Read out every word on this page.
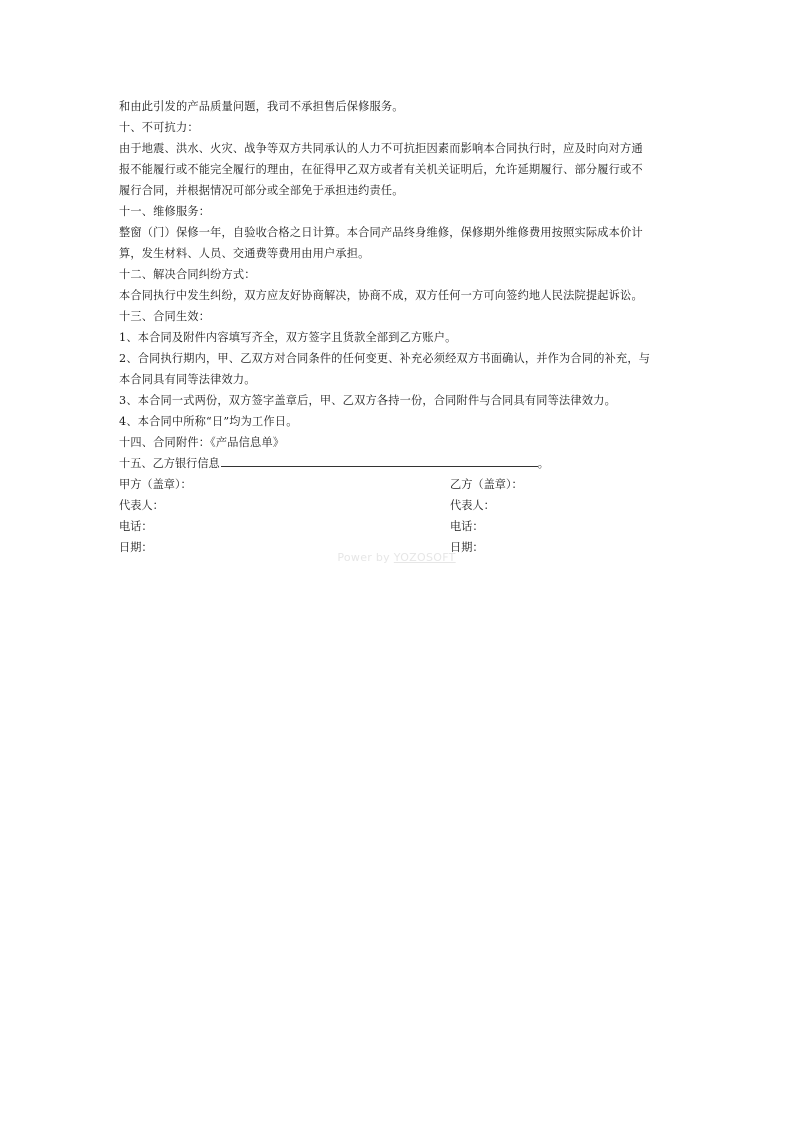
和由此引发的产品质量问题，我司不承担售后保修服务。
十、不可抗力：
由于地震、洪水、火灾、战争等双方共同承认的人力不可抗拒因素而影响本合同执行时，应及时向对方通
报不能履行或不能完全履行的理由，在征得甲乙双方或者有关机关证明后，允许延期履行、部分履行或不
履行合同，并根据情况可部分或全部免于承担违约责任。
十一、维修服务：
整窗（门）保修一年，自验收合格之日计算。本合同产品终身维修，保修期外维修费用按照实际成本价计
算，发生材料、人员、交通费等费用由用户承担。
十二、解决合同纠纷方式：
本合同执行中发生纠纷，双方应友好协商解决，协商不成，双方任何一方可向签约地人民法院提起诉讼。
十三、合同生效：
1、本合同及附件内容填写齐全，双方签字且货款全部到乙方账户。
2、合同执行期内，甲、乙双方对合同条件的任何变更、补充必须经双方书面确认，并作为合同的补充，与
本合同具有同等法律效力。
3、本合同一式两份，双方签字盖章后，甲、乙双方各持一份，合同附件与合同具有同等法律效力。
4、本合同中所称“日”均为工作日。
十四、合同附件：《产品信息单》
十五、乙方银行信息	。
甲方（盖章）：	乙方（盖章）：
代表人：	代表人：
电话：	电话：
日期：	日期：
Power by YOZOSOFT
